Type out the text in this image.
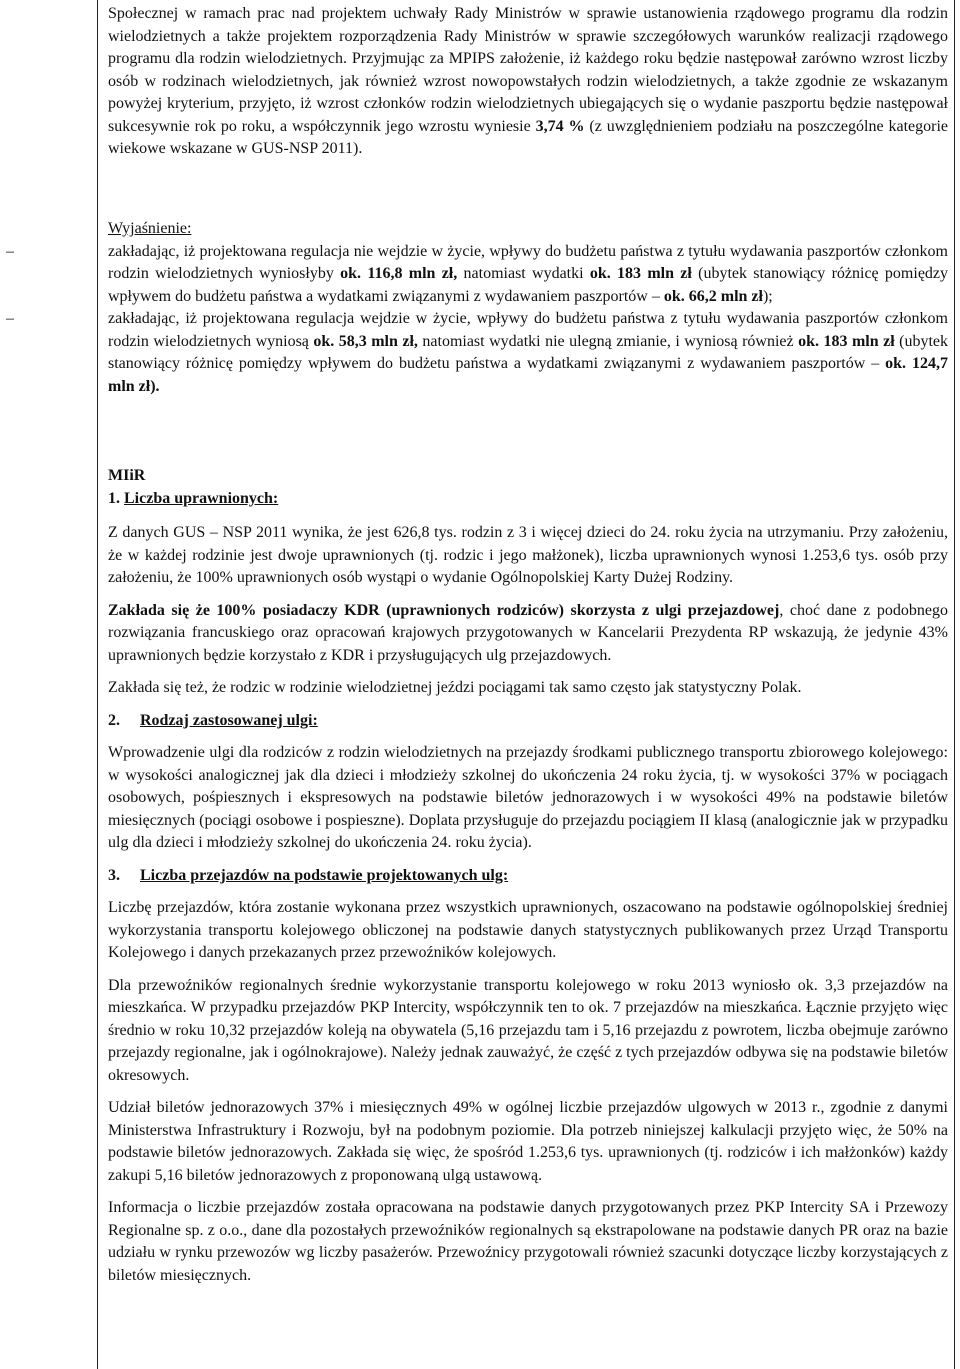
Społecznej w ramach prac nad projektem uchwały Rady Ministrów w sprawie ustanowienia rządowego programu dla rodzin wielodzietnych a także projektem rozporządzenia Rady Ministrów w sprawie szczegółowych warunków realizacji rządowego programu dla rodzin wielodzietnych. Przyjmując za MPIPS założenie, iż każdego roku będzie następował zarówno wzrost liczby osób w rodzinach wielodzietnych, jak również wzrost nowopowstałych rodzin wielodzietnych, a także zgodnie ze wskazanym powyżej kryterium, przyjęto, iż wzrost członków rodzin wielodzietnych ubiegających się o wydanie paszportu będzie następował sukcesywnie rok po roku, a współczynnik jego wzrostu wyniesie 3,74 % (z uwzględnieniem podziału na poszczególne kategorie wiekowe wskazane w GUS-NSP 2011).

Wyjaśnienie:

–	zakładając, iż projektowana regulacja nie wejdzie w życie, wpływy do budżetu państwa z tytułu wydawania paszportów członkom rodzin wielodzietnych wyniosłyby ok. 116,8 mln zł, natomiast wydatki ok. 183 mln zł (ubytek stanowiący różnicę pomiędzy wpływem do budżetu państwa a wydatkami związanymi z wydawaniem paszportów – ok. 66,2 mln zł);
–	zakładając, iż projektowana regulacja wejdzie w życie, wpływy do budżetu państwa z tytułu wydawania paszportów członkom rodzin wielodzietnych wyniosą ok. 58,3 mln zł, natomiast wydatki nie ulegną zmianie, i wyniosą również ok. 183 mln zł (ubytek stanowiący różnicę pomiędzy wpływem do budżetu państwa a wydatkami związanymi z wydawaniem paszportów – ok. 124,7 mln zł).

MIiR

1. Liczba uprawnionych:

Z danych GUS – NSP 2011 wynika, że jest 626,8 tys. rodzin z 3 i więcej dzieci do 24. roku życia na utrzymaniu. Przy założeniu, że w każdej rodzinie jest dwoje uprawnionych (tj. rodzic i jego małżonek), liczba uprawnionych wynosi 1.253,6 tys. osób przy założeniu, że 100% uprawnionych osób wystąpi o wydanie Ogólnopolskiej Karty Dużej Rodziny.

Zakłada się że 100% posiadaczy KDR (uprawnionych rodziców) skorzysta z ulgi przejazdowej, choć dane z podobnego rozwiązania francuskiego oraz opracowań krajowych przygotowanych w Kancelarii Prezydenta RP wskazują, że jedynie 43% uprawnionych będzie korzystało z KDR i przysługujących ulg przejazdowych.

Zakłada się też, że rodzic w rodzinie wielodzietnej jeździ pociągami tak samo często jak statystyczny Polak.

2. Rodzaj zastosowanej ulgi:

Wprowadzenie ulgi dla rodziców z rodzin wielodzietnych na przejazdy środkami publicznego transportu zbiorowego kolejowego: w wysokości analogicznej jak dla dzieci i młodzieży szkolnej do ukończenia 24 roku życia, tj. w wysokości 37% w pociągach osobowych, pośpiesznych i ekspresowych na podstawie biletów jednorazowych i w wysokości 49% na podstawie biletów miesięcznych (pociągi osobowe i pospieszne). Doplata przysługuje do przejazdu pociągiem II klasą (analogicznie jak w przypadku ulg dla dzieci i młodzieży szkolnej do ukończenia 24. roku życia).

3. Liczba przejazdów na podstawie projektowanych ulg:

Liczbę przejazdów, która zostanie wykonana przez wszystkich uprawnionych, oszacowano na podstawie ogólnopolskiej średniej wykorzystania transportu kolejowego obliczonej na podstawie danych statystycznych publikowanych przez Urząd Transportu Kolejowego i danych przekazanych przez przewoźników kolejowych.

Dla przewoźników regionalnych średnie wykorzystanie transportu kolejowego w roku 2013 wyniosło ok. 3,3 przejazdów na mieszkańca. W przypadku przejazdów PKP Intercity, współczynnik ten to ok. 7 przejazdów na mieszkańca. Łącznie przyjęto więc średnio w roku 10,32 przejazdów koleją na obywatela (5,16 przejazdu tam i 5,16 przejazdu z powrotem, liczba obejmuje zarówno przejazdy regionalne, jak i ogólnokrajowe). Należy jednak zauważyć, że część z tych przejazdów odbywa się na podstawie biletów okresowych.

Udział biletów jednorazowych 37% i miesięcznych 49% w ogólnej liczbie przejazdów ulgowych w 2013 r., zgodnie z danymi Ministerstwa Infrastruktury i Rozwoju, był na podobnym poziomie. Dla potrzeb niniejszej kalkulacji przyjęto więc, że 50% na podstawie biletów jednorazowych. Zakłada się więc, że spośród 1.253,6 tys. uprawnionych (tj. rodziców i ich małżonków) każdy zakupi 5,16 biletów jednorazowych z proponowaną ulgą ustawową.

Informacja o liczbie przejazdów została opracowana na podstawie danych przygotowanych przez PKP Intercity SA i Przewozy Regionalne sp. z o.o., dane dla pozostałych przewoźników regionalnych są ekstrapolowane na podstawie danych PR oraz na bazie udziału w rynku przewozów wg liczby pasażerów. Przewoźnicy przygotowali również szacunki dotyczące liczby korzystających z biletów miesięcznych.
